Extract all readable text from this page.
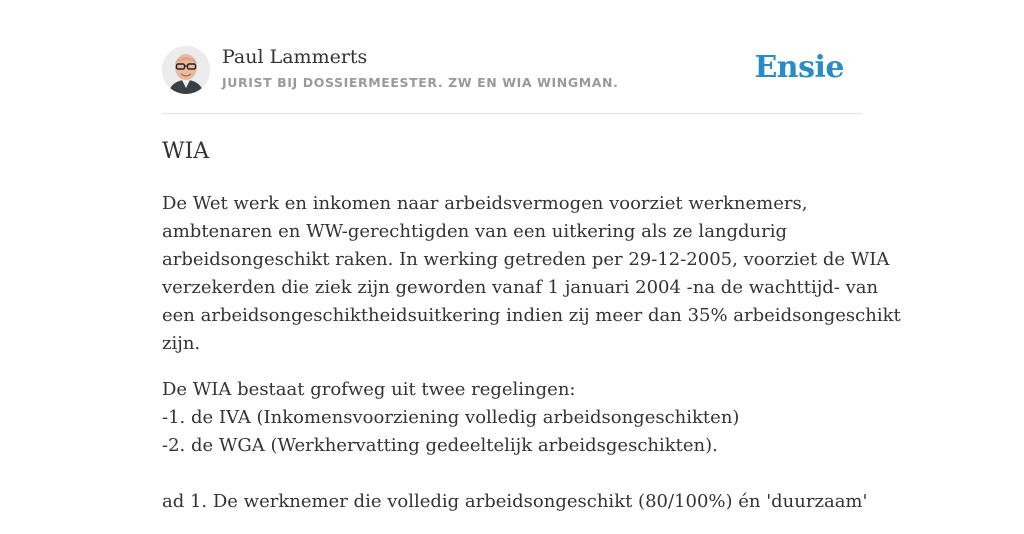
Paul Lammerts
JURIST BIJ DOSSIERMEESTER. ZW EN WIA WINGMAN.	Ensie
WIA

De Wet werk en inkomen naar arbeidsvermogen voorziet werknemers,
ambtenaren en WW-gerechtigden van een uitkering als ze langdurig
arbeidsongeschikt raken. In werking getreden per 29-12-2005, voorziet de WIA
verzekerden die ziek zijn geworden vanaf 1 januari 2004 -na de wachttijd- van
een arbeidsongeschiktheidsuitkering indien zij meer dan 35% arbeidsongeschikt
zijn.

De WIA bestaat grofweg uit twee regelingen:
-1. de IVA (Inkomensvoorziening volledig arbeidsongeschikten)
-2. de WGA (Werkhervatting gedeeltelijk arbeidsgeschikten).

ad 1. De werknemer die volledig arbeidsongeschikt (80/100%) én 'duurzaam'
